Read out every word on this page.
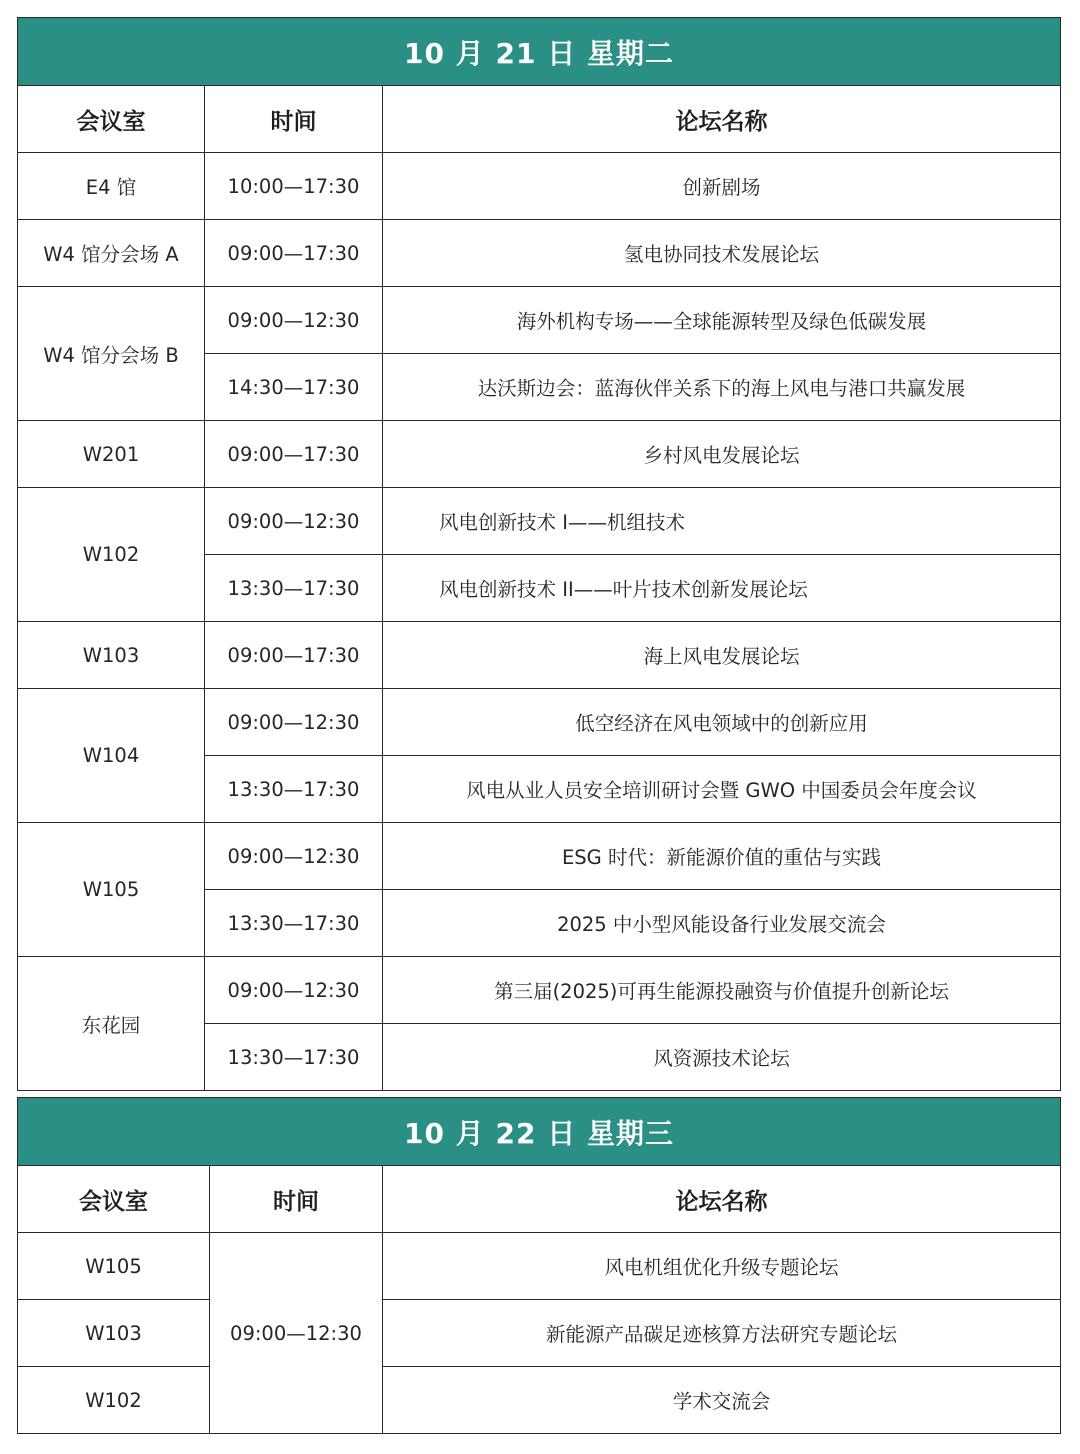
10 月 21 日 星期二		
会议室	时间	论坛名称
E4 馆	10:00—17:30	创新剧场
W4 馆分会场 A	09:00—17:30	氢电协同技术发展论坛
W4 馆分会场 B	09:00—12:30	海外机构专场——全球能源转型及绿色低碳发展
	14:30—17:30	达沃斯边会：蓝海伙伴关系下的海上风电与港口共赢发展
W201	09:00—17:30	乡村风电发展论坛
W102	09:00—12:30	风电创新技术 I——机组技术
	13:30—17:30	风电创新技术 II——叶片技术创新发展论坛
W103	09:00—17:30	海上风电发展论坛
W104	09:00—12:30	低空经济在风电领域中的创新应用
	13:30—17:30	风电从业人员安全培训研讨会暨 GWO 中国委员会年度会议
W105	09:00—12:30	ESG 时代：新能源价值的重估与实践
	13:30—17:30	2025 中小型风能设备行业发展交流会
东花园	09:00—12:30	第三届(2025)可再生能源投融资与价值提升创新论坛
	13:30—17:30	风资源技术论坛
10 月 22 日 星期三		
会议室	时间	论坛名称
W105	09:00—12:30	风电机组优化升级专题论坛
W103		新能源产品碳足迹核算方法研究专题论坛
W102		学术交流会
